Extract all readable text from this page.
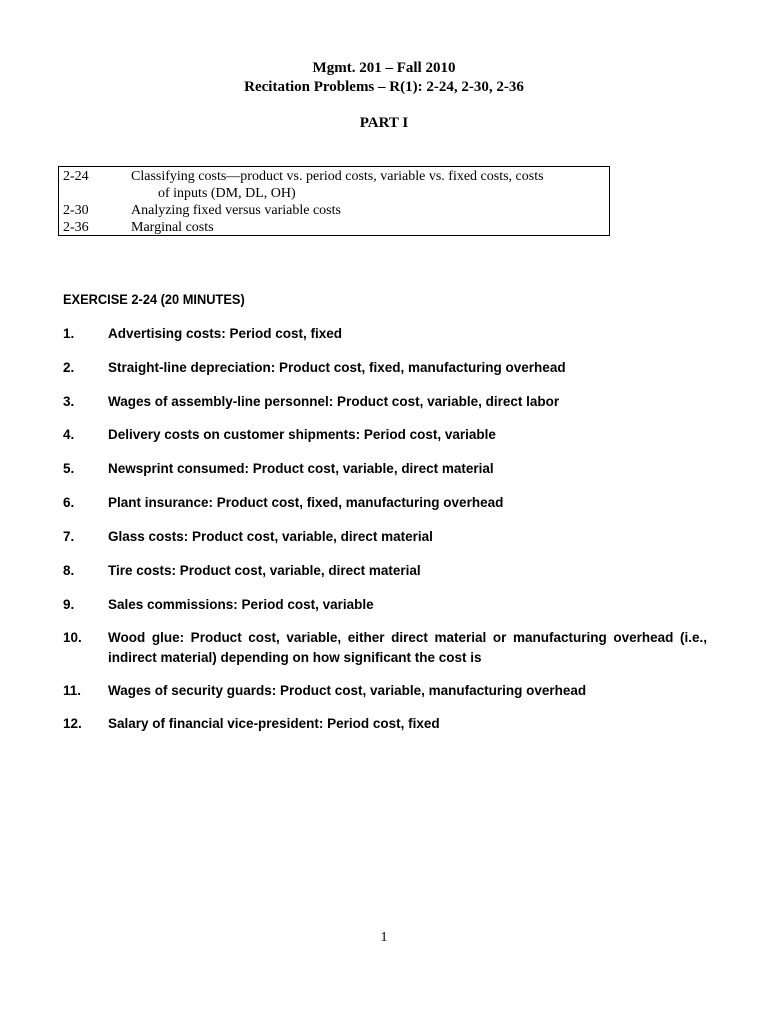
Mgmt. 201 – Fall 2010
Recitation Problems – R(1): 2-24, 2-30, 2-36
PART I
2-24	Classifying costs—product vs. period costs, variable vs. fixed costs, costs
of inputs (DM, DL, OH)
2-30	Analyzing fixed versus variable costs
2-36	Marginal costs
EXERCISE 2-24 (20 MINUTES)
1.	Advertising costs: Period cost, fixed
2.	Straight-line depreciation: Product cost, fixed, manufacturing overhead
3.	Wages of assembly-line personnel: Product cost, variable, direct labor
4.	Delivery costs on customer shipments: Period cost, variable
5.	Newsprint consumed: Product cost, variable, direct material
6.	Plant insurance: Product cost, fixed, manufacturing overhead
7.	Glass costs: Product cost, variable, direct material
8.	Tire costs: Product cost, variable, direct material
9.	Sales commissions: Period cost, variable
10.	Wood glue: Product cost, variable, either direct material or manufacturing overhead (i.e., indirect material) depending on how significant the cost is
11.	Wages of security guards: Product cost, variable, manufacturing overhead
12.	Salary of financial vice-president: Period cost, fixed
1
